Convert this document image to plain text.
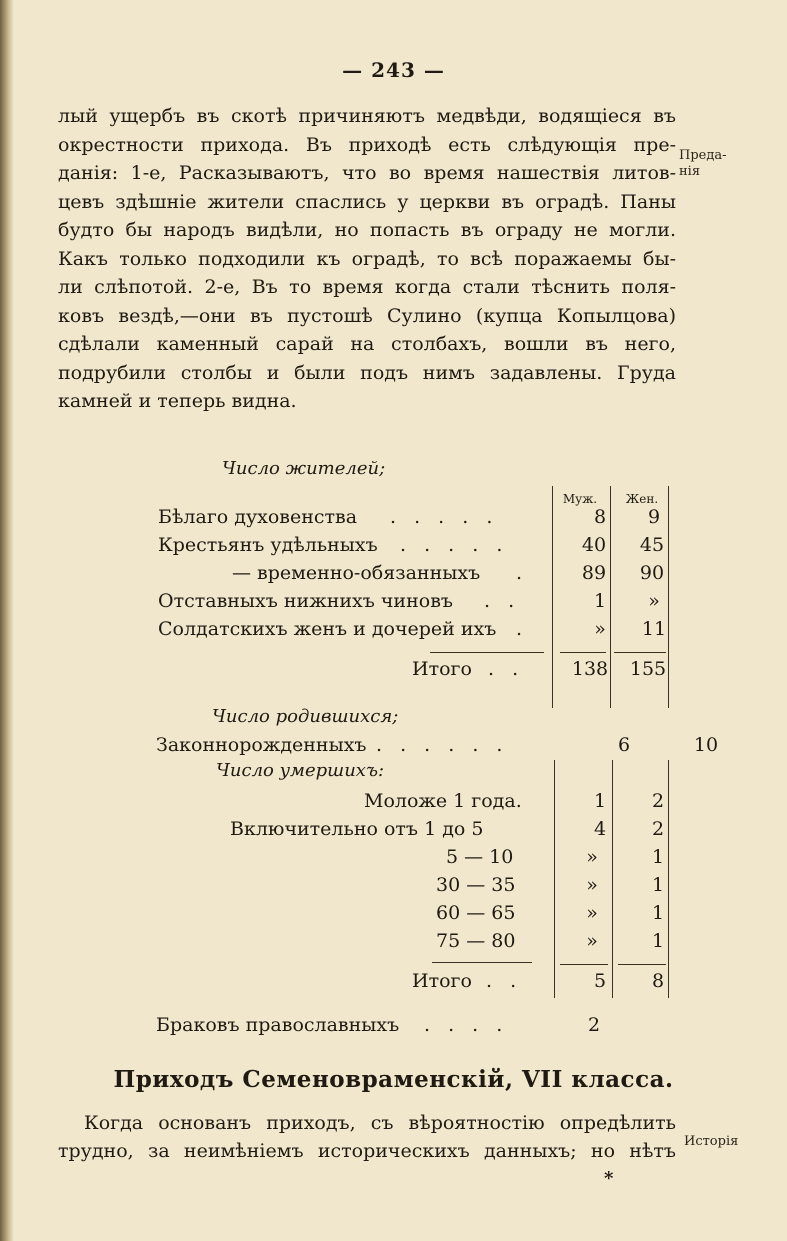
— 243 —
лый ущербъ въ скотѣ причиняютъ медвѣди, водящіеся въ
окрестности прихода. Въ приходѣ есть слѣдующія пре-
данія: 1-е, Расказываютъ, что во время нашествія литов-
цевъ здѣшніе жители спаслись у церкви въ оградѣ. Паны
будто бы народъ видѣли, но попасть въ ограду не могли.
Какъ только подходили къ оградѣ, то всѣ поражаемы бы-
ли слѣпотой. 2-е, Въ то время когда стали тѣснить поля-
ковъ вездѣ,—они въ пустошѣ Сулино (купца Копылцова)
сдѣлали каменный сарай на столбахъ, вошли въ него,
подрубили столбы и были подъ нимъ задавлены. Груда
камней и теперь видна.
Преда-
нія
Исторія
Число жителей;
Муж.	Жен.
Бѣлаго духовенства . . . . .	8	9
Крестьянъ удѣльныхъ . . . . .	40	45
— временно-обязанныхъ .	89	90
Отставныхъ нижнихъ чиновъ . .	1	»
Солдатскихъ женъ и дочерей ихъ .	»	11
Итого . .	138	155
Число родившихся;
Законнорожденныхъ . . . . . .	6	10
Число умершихъ:
Моложе 1 года.	1	2
Включительно отъ 1 до 5	4	2
5 — 10	»	1
30 — 35	»	1
60 — 65	»	1
75 — 80	»	1
Итого . .	5	8
Браковъ православныхъ . . . .	2
Приходъ Семеновраменскій, VII класса.
Когда основанъ приходъ, съ вѣроятностію опредѣлить
трудно, за неимѣніемъ историческихъ данныхъ; но нѣтъ
*
